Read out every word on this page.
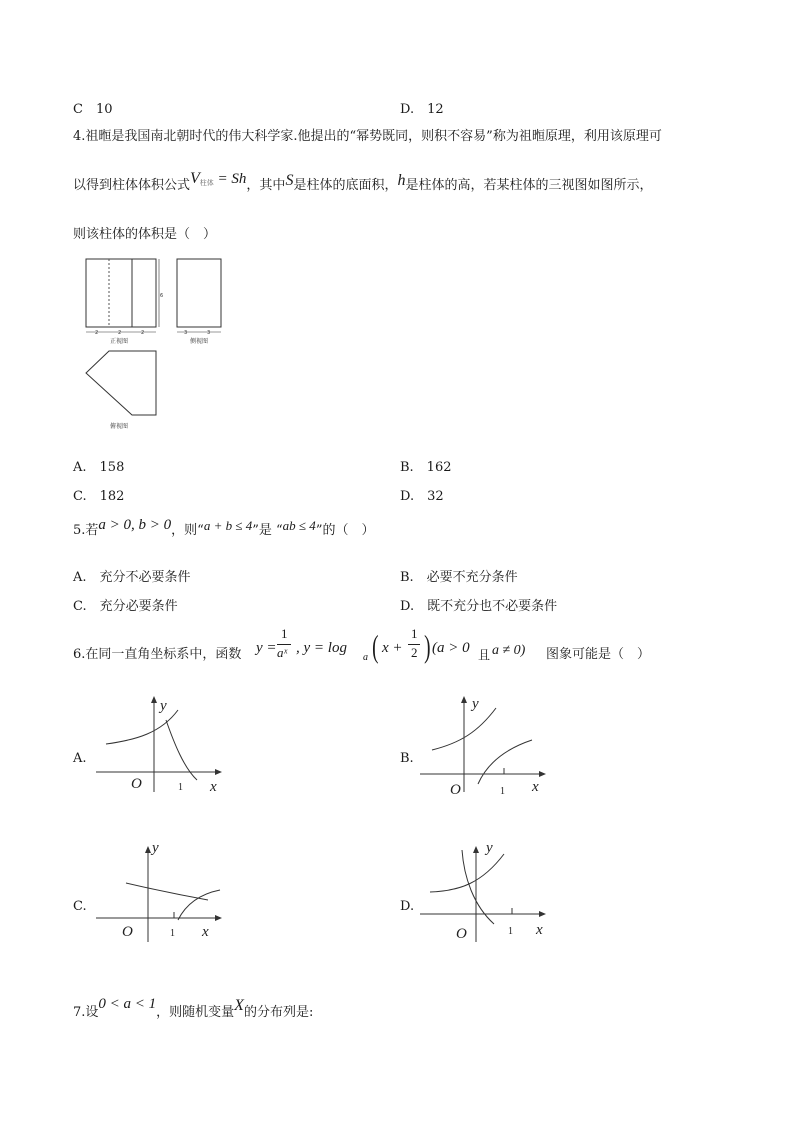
C　10	D.　12
4.祖暅是我国南北朝时代的伟大科学家.他提出的“幂势既同，则积不容易”称为祖暅原理，利用该原理可
以得到柱体体积公式$V^{柱体} = Sh$，其中S是柱体的底面积，h是柱体的高，若某柱体的三视图如图所示，
则该柱体的体积是（　）
6
2	2	2
正视图
3	3
侧视图
俯视图
A.　158	B.　162
C.　182	D.　32
5.若a > 0, b > 0，则“a + b ≤ 4”是 “ab ≤ 4”的（　）
A.　充分不必要条件	B.　必要不充分条件
C.　充分必要条件	D.　既不充分也不必要条件
6.在同一直角坐标系中，函数 y =
1
aˣ , y = log
a ( x +
1
2 ) (a > 0 且 a ≠ 0) 图象可能是（　）
A.	B.
C.	D.
y
x
O	1
y
x
O	1
y
x
O	1
y
x
O	1
7.设0 < a < 1，则随机变量X的分布列是:
